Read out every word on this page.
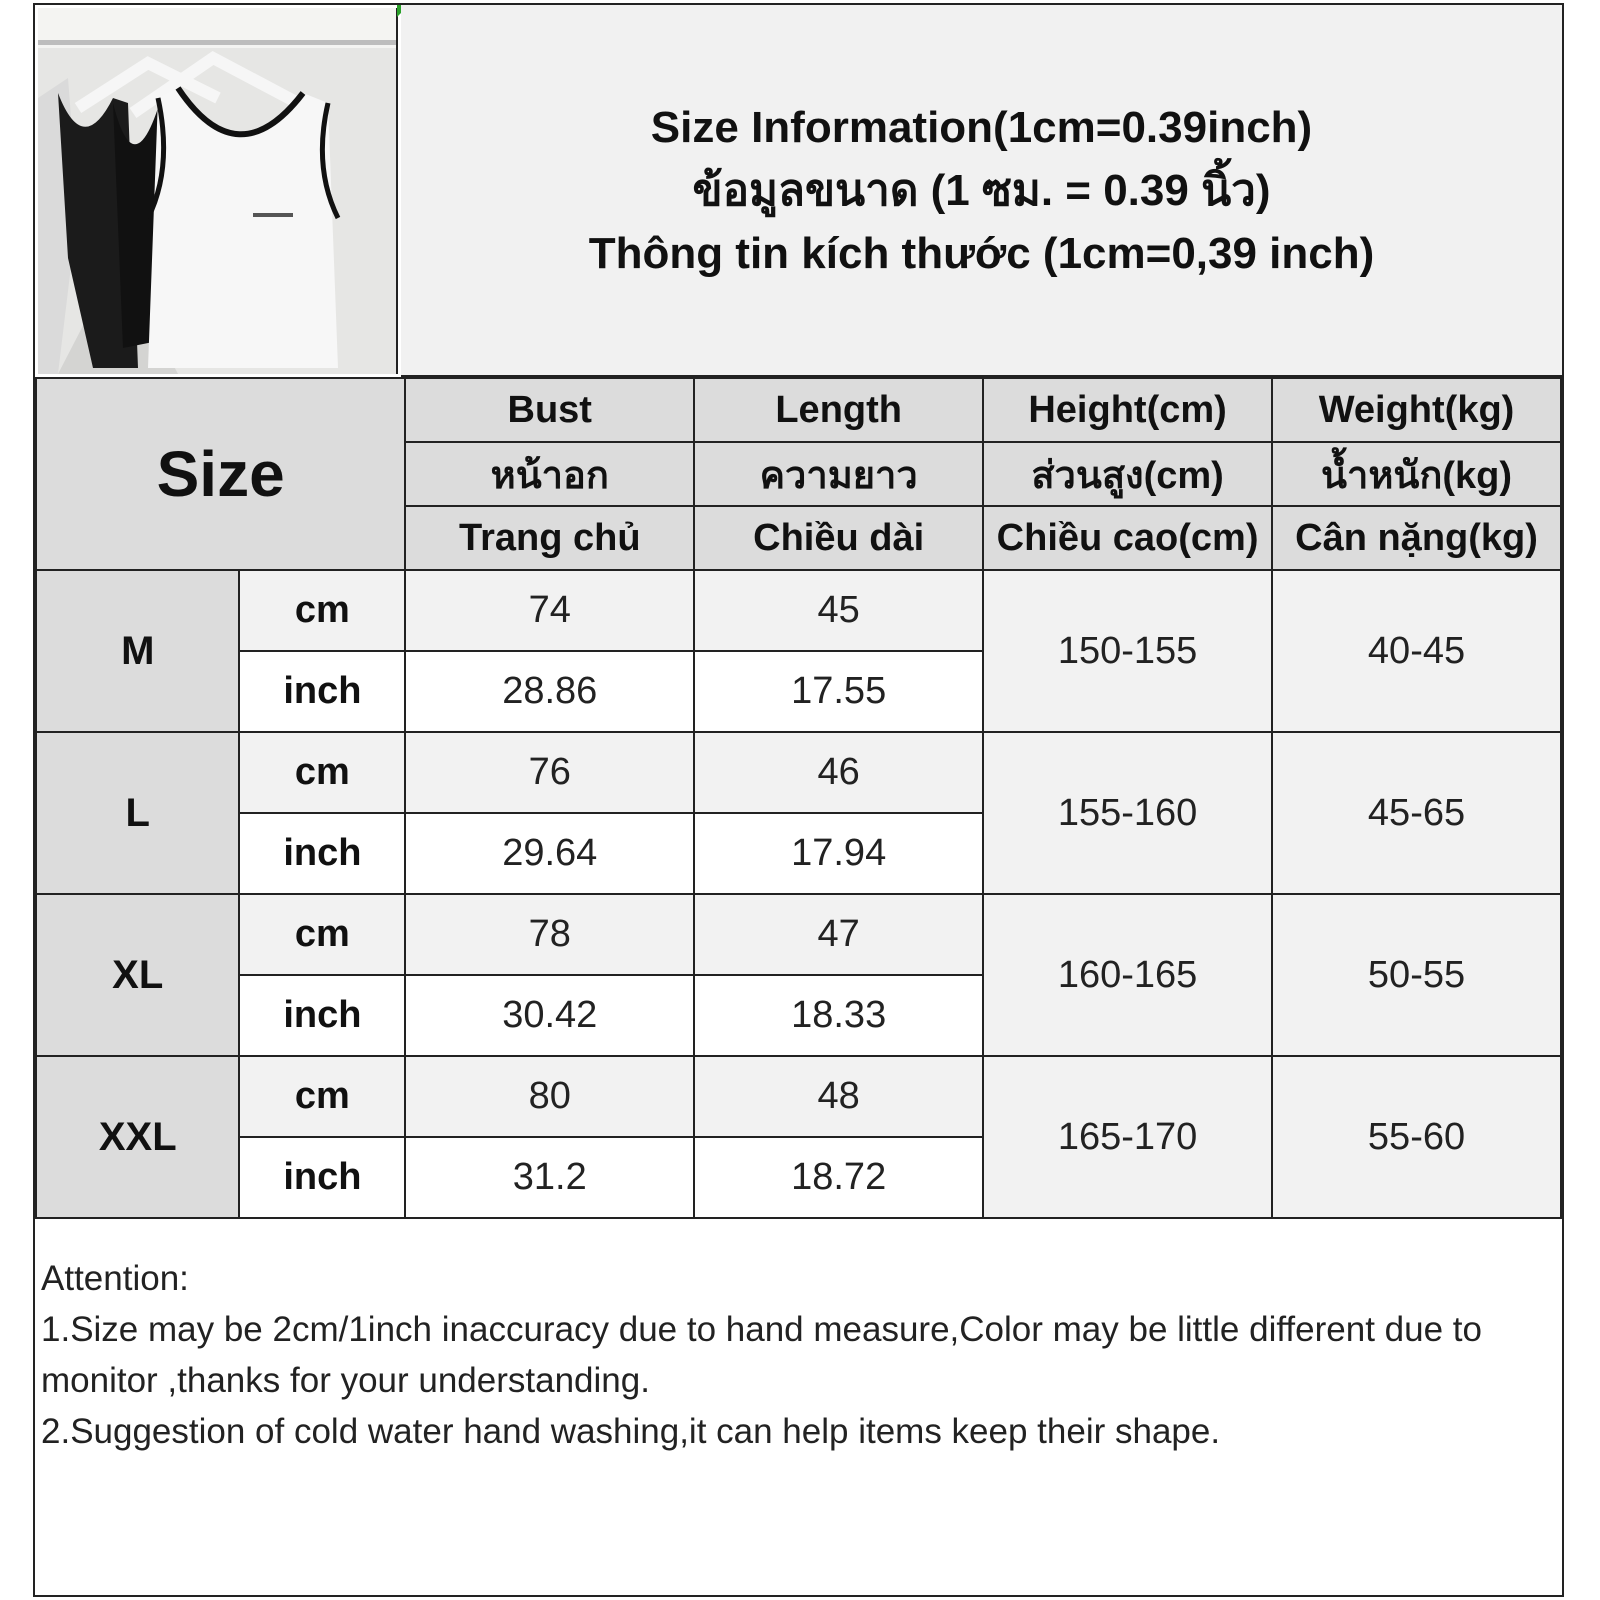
Size Information(1cm=0.39inch)
ข้อมูลขนาด (1 ซม. = 0.39 นิ้ว)
Thông tin kích thước (1cm=0,39 inch)
Size		Bust	Length	Height(cm)	Weight(kg)
		หน้าอก	ความยาว	ส่วนสูง(cm)	น้ำหนัก(kg)
		Trang chủ	Chiều dài	Chiều cao(cm)	Cân nặng(kg)
M	cm	74	45	150-155	40-45
	inch	28.86	17.55		
L	cm	76	46	155-160	45-65
	inch	29.64	17.94		
XL	cm	78	47	160-165	50-55
	inch	30.42	18.33		
XXL	cm	80	48	165-170	55-60
	inch	31.2	18.72		
Attention:
1.Size may be 2cm/1inch inaccuracy due to hand measure,Color may be little different due to monitor ,thanks for your understanding.
2.Suggestion of cold water hand washing,it can help items keep their shape.
